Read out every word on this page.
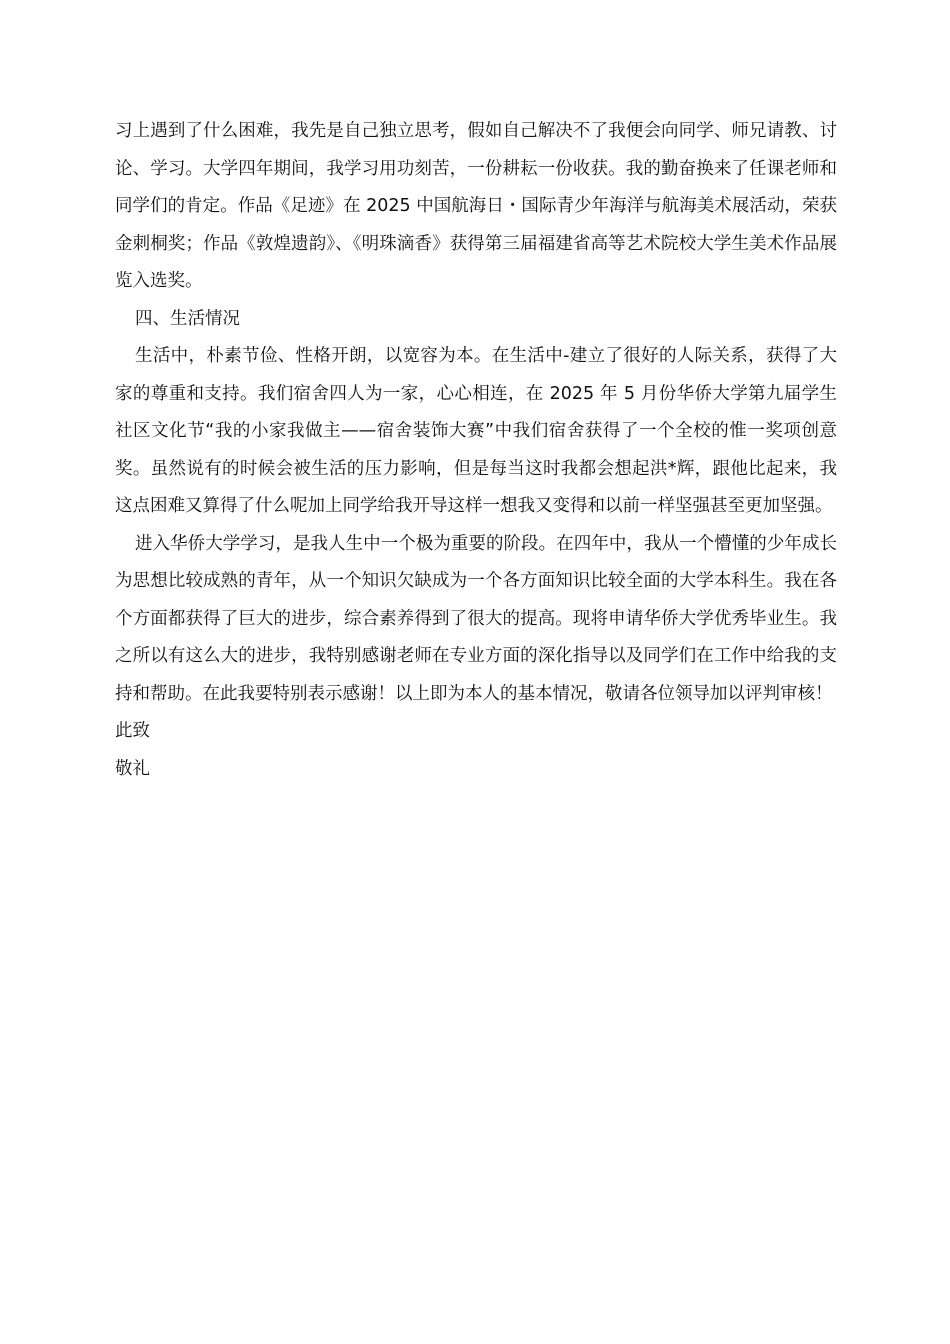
习上遇到了什么困难，我先是自己独立思考，假如自己解决不了我便会向同学、师兄请教、讨论、学习。大学四年期间，我学习用功刻苦，一份耕耘一份收获。我的勤奋换来了任课老师和同学们的肯定。作品《足迹》在 2025 中国航海日・国际青少年海洋与航海美术展活动，荣获金刺桐奖；作品《敦煌遗韵》、《明珠滴香》获得第三届福建省高等艺术院校大学生美术作品展览入选奖。

四、生活情况

生活中，朴素节俭、性格开朗，以宽容为本。在生活中-建立了很好的人际关系，获得了大家的尊重和支持。我们宿舍四人为一家，心心相连，在 2025 年 5 月份华侨大学第九届学生社区文化节“我的小家我做主——宿舍装饰大赛”中我们宿舍获得了一个全校的惟一奖项创意奖。虽然说有的时候会被生活的压力影响，但是每当这时我都会想起洪*辉，跟他比起来，我这点困难又算得了什么呢加上同学给我开导这样一想我又变得和以前一样坚强甚至更加坚强。

进入华侨大学学习，是我人生中一个极为重要的阶段。在四年中，我从一个懵懂的少年成长为思想比较成熟的青年，从一个知识欠缺成为一个各方面知识比较全面的大学本科生。我在各个方面都获得了巨大的进步，综合素养得到了很大的提高。现将申请华侨大学优秀毕业生。我之所以有这么大的进步，我特别感谢老师在专业方面的深化指导以及同学们在工作中给我的支持和帮助。在此我要特别表示感谢！以上即为本人的基本情况，敬请各位领导加以评判审核！

此致

敬礼
